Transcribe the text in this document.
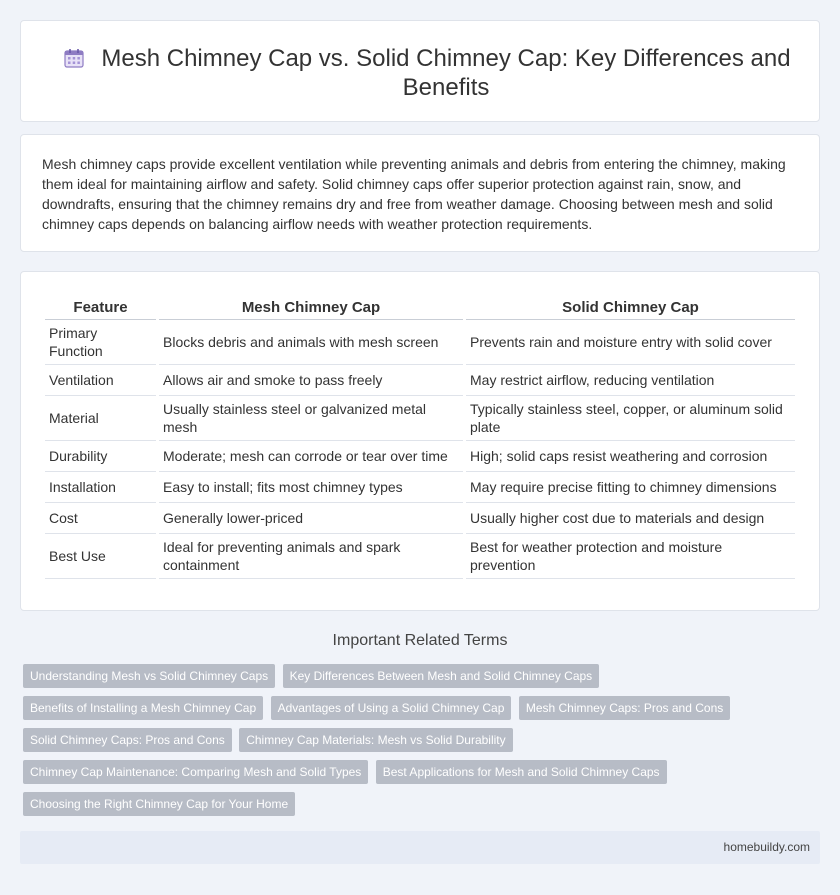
Mesh Chimney Cap vs. Solid Chimney Cap: Key Differences and Benefits

Mesh chimney caps provide excellent ventilation while preventing animals and debris from entering the chimney, making them ideal for maintaining airflow and safety. Solid chimney caps offer superior protection against rain, snow, and downdrafts, ensuring that the chimney remains dry and free from weather damage. Choosing between mesh and solid chimney caps depends on balancing airflow needs with weather protection requirements.

Feature	Mesh Chimney Cap	Solid Chimney Cap
Primary Function	Blocks debris and animals with mesh screen	Prevents rain and moisture entry with solid cover
Ventilation	Allows air and smoke to pass freely	May restrict airflow, reducing ventilation
Material	Usually stainless steel or galvanized metal mesh	Typically stainless steel, copper, or aluminum solid plate
Durability	Moderate; mesh can corrode or tear over time	High; solid caps resist weathering and corrosion
Installation	Easy to install; fits most chimney types	May require precise fitting to chimney dimensions
Cost	Generally lower-priced	Usually higher cost due to materials and design
Best Use	Ideal for preventing animals and spark containment	Best for weather protection and moisture prevention
Important Related Terms
Understanding Mesh vs Solid Chimney Caps Key Differences Between Mesh and Solid Chimney Caps
Benefits of Installing a Mesh Chimney Cap Advantages of Using a Solid Chimney Cap Mesh Chimney Caps: Pros and Cons
Solid Chimney Caps: Pros and Cons Chimney Cap Materials: Mesh vs Solid Durability
Chimney Cap Maintenance: Comparing Mesh and Solid Types Best Applications for Mesh and Solid Chimney Caps
Choosing the Right Chimney Cap for Your Home
homebuildy.com
